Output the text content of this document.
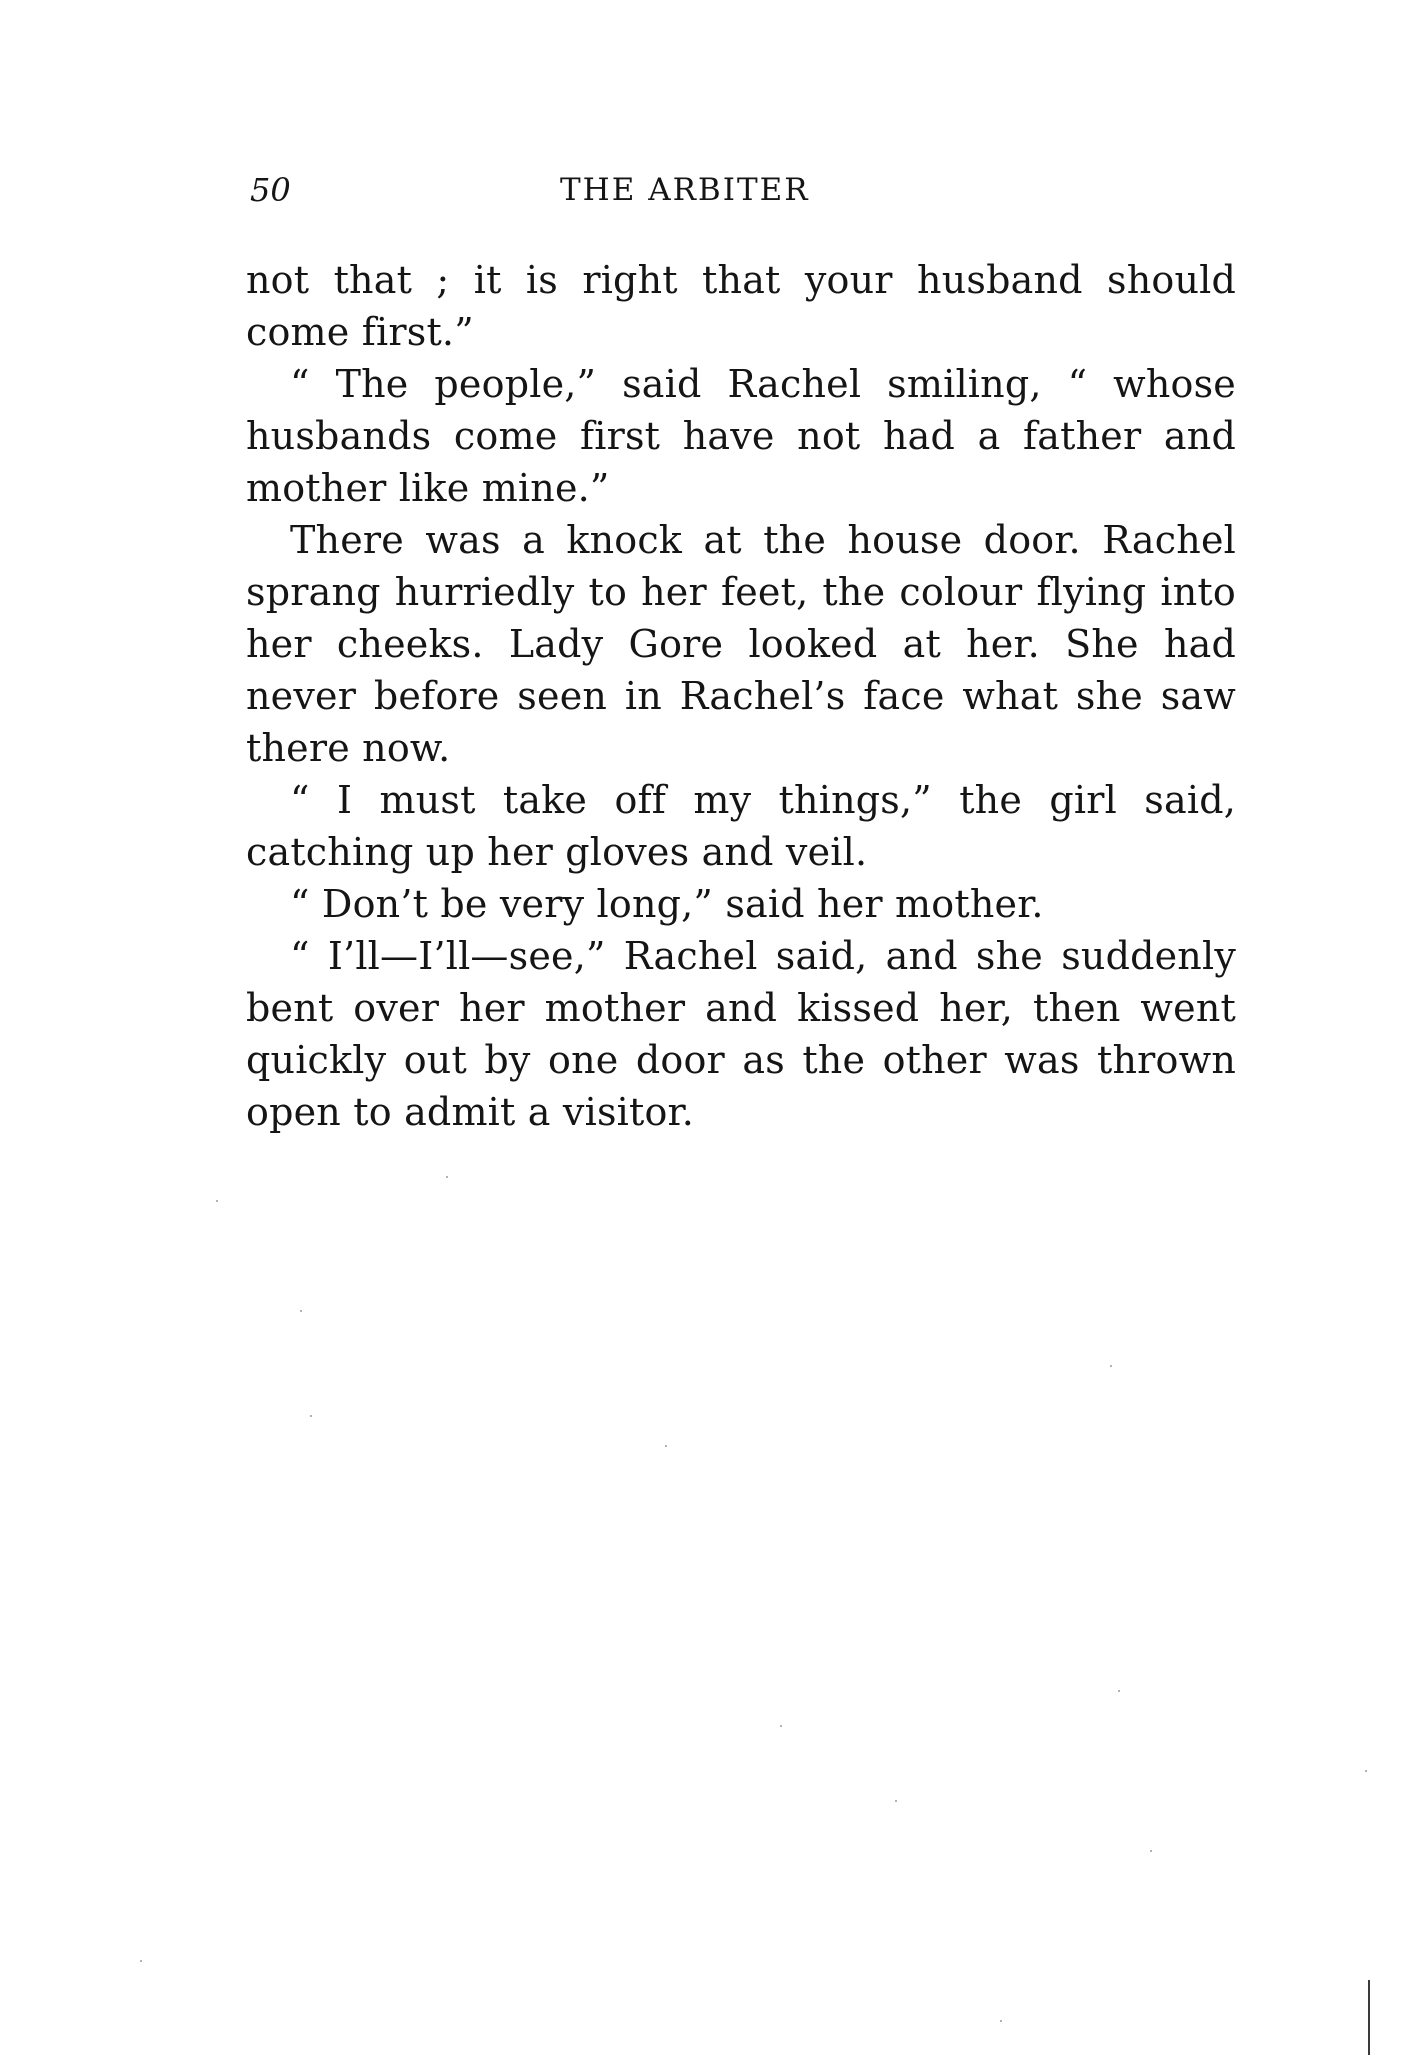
50	THE ARBITER

not that ; it is right that your husband should come first.”

“ The people,” said Rachel smiling, “ whose husbands come first have not had a father and mother like mine.”

There was a knock at the house door. Rachel sprang hurriedly to her feet, the colour flying into her cheeks. Lady Gore looked at her. She had never before seen in Rachel’s face what she saw there now.

“ I must take off my things,” the girl said, catching up her gloves and veil.

“ Don’t be very long,” said her mother.

“ I’ll—I’ll—see,” Rachel said, and she suddenly bent over her mother and kissed her, then went quickly out by one door as the other was thrown open to admit a visitor.
